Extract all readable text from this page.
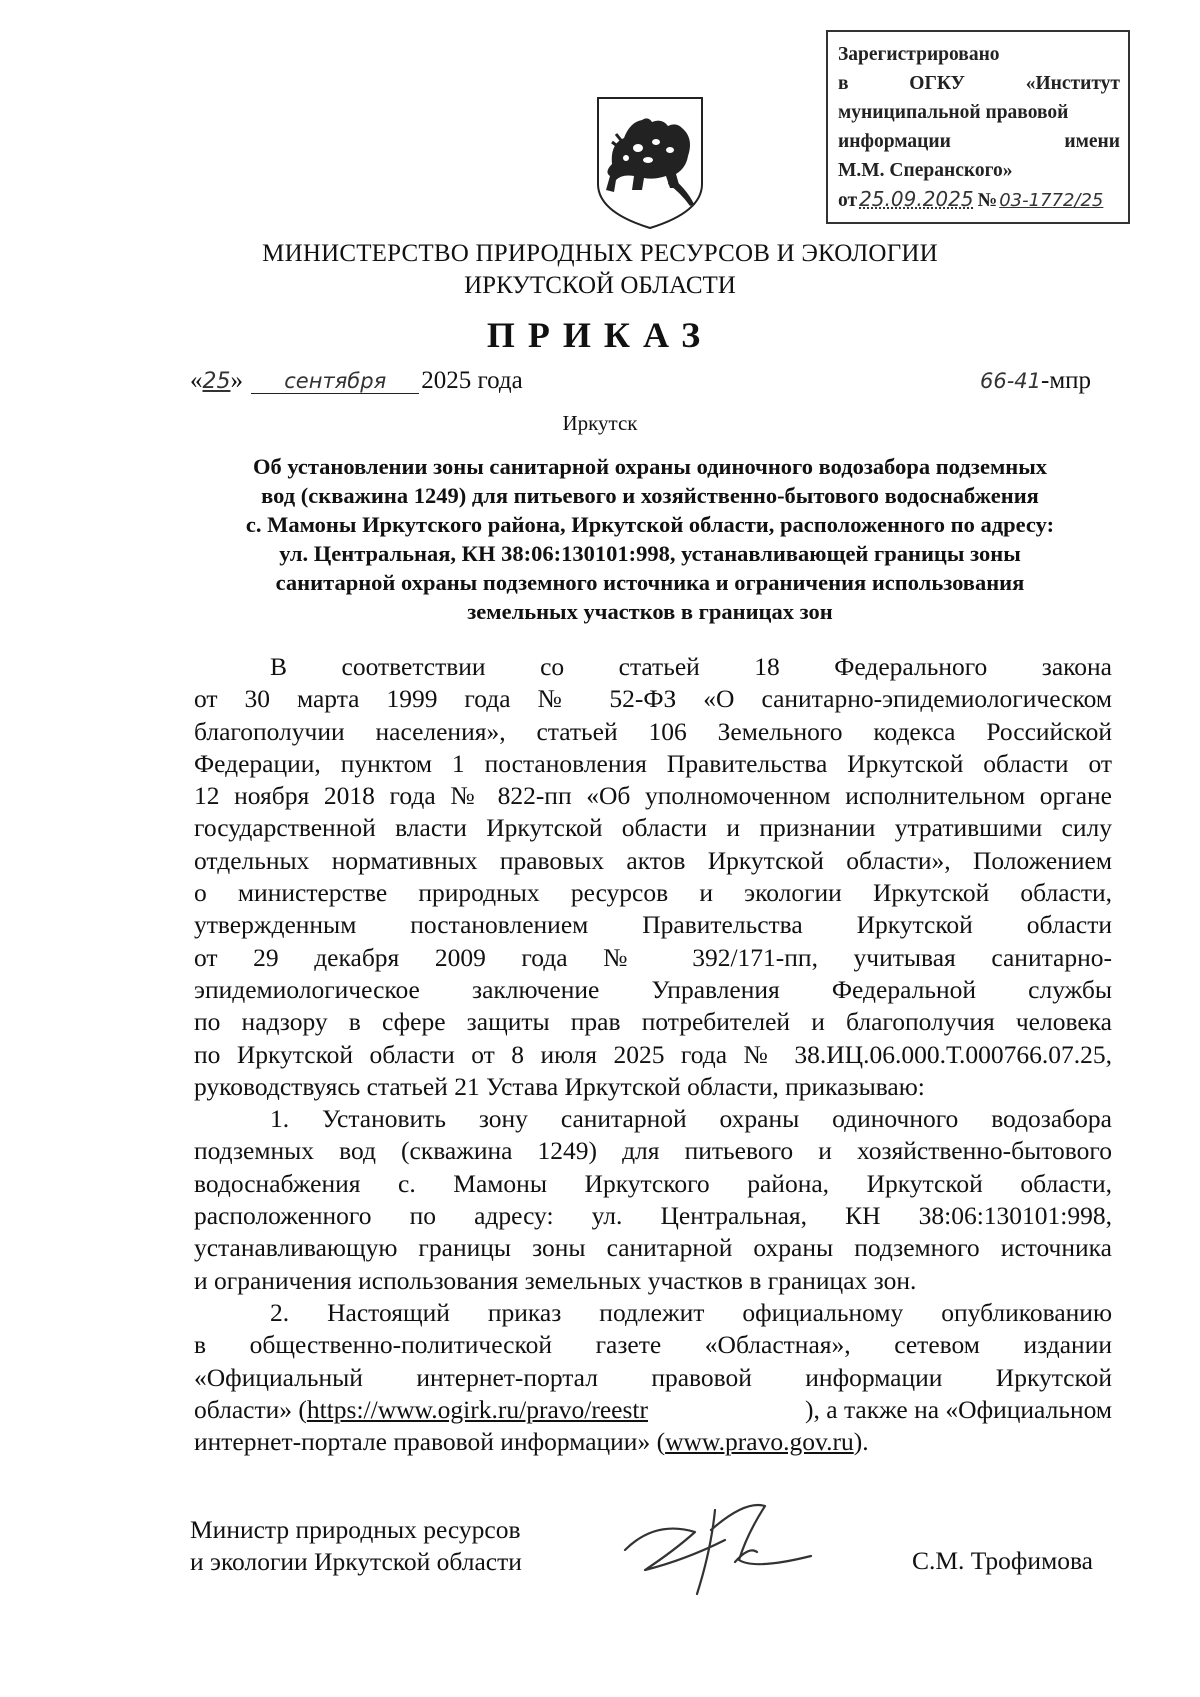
Зарегистрировано
в	ОГКУ	«Институт
муниципальной правовой
информации	имени
М.М. Сперанского»
от 25.09.2025 № 03-1772/25
МИНИСТЕРСТВО ПРИРОДНЫХ РЕСУРСОВ И ЭКОЛОГИИ
ИРКУТСКОЙ ОБЛАСТИ
ПРИКАЗ
«25» сентября 2025 года	66-41-мпр
Иркутск
Об установлении зоны санитарной охраны одиночного водозабора подземных
вод (скважина 1249) для питьевого и хозяйственно-бытового водоснабжения
с. Мамоны Иркутского района, Иркутской области, расположенного по адресу:
ул. Центральная, КН 38:06:130101:998, устанавливающей границы зоны
санитарной охраны подземного источника и ограничения использования
земельных участков в границах зон
В соответствии со статьей 18 Федерального закона
от 30 марта 1999 года № 52-ФЗ «О санитарно-эпидемиологическом
благополучии населения», статьей 106 Земельного кодекса Российской
Федерации, пунктом 1 постановления Правительства Иркутской области от
12 ноября 2018 года № 822-пп «Об уполномоченном исполнительном органе
государственной власти Иркутской области и признании утратившими силу
отдельных нормативных правовых актов Иркутской области», Положением
о министерстве природных ресурсов и экологии Иркутской области,
утвержденным постановлением Правительства Иркутской области
от 29 декабря 2009 года № 392/171-пп, учитывая санитарно-
эпидемиологическое заключение Управления Федеральной службы
по надзору в сфере защиты прав потребителей и благополучия человека
по Иркутской области от 8 июля 2025 года № 38.ИЦ.06.000.Т.000766.07.25,
руководствуясь статьей 21 Устава Иркутской области, приказываю:
1. Установить зону санитарной охраны одиночного водозабора
подземных вод (скважина 1249) для питьевого и хозяйственно-бытового
водоснабжения с. Мамоны Иркутского района, Иркутской области,
расположенного по адресу: ул. Центральная, КН 38:06:130101:998,
устанавливающую границы зоны санитарной охраны подземного источника
и ограничения использования земельных участков в границах зон.
2. Настоящий приказ подлежит официальному опубликованию
в общественно-политической газете «Областная», сетевом издании
«Официальный интернет-портал правовой информации Иркутской
области» ( https://www.ogirk.ru/pravo/reestr	), а также на «Официальном
интернет-портале правовой информации» (www.pravo.gov.ru).
Министр природных ресурсов
и экологии Иркутской области	С.М. Трофимова
